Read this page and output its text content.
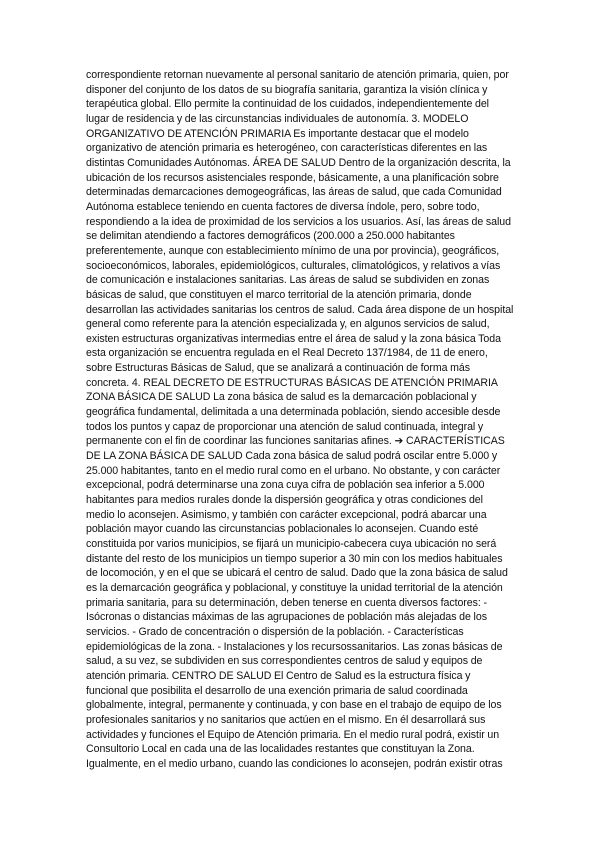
correspondiente retornan nuevamente al personal sanitario de atención primaria, quien, por
disponer del conjunto de los datos de su biografía sanitaria, garantiza la visión clínica y
terapéutica global. Ello permite la continuidad de los cuidados, independientemente del
lugar de residencia y de las circunstancias individuales de autonomía. 3. MODELO
ORGANIZATIVO DE ATENCIÓN PRIMARIA Es importante destacar que el modelo
organizativo de atención primaria es heterogéneo, con características diferentes en las
distintas Comunidades Autónomas. ÁREA DE SALUD Dentro de la organización descrita, la
ubicación de los recursos asistenciales responde, básicamente, a una planificación sobre
determinadas demarcaciones demogeográficas, las áreas de salud, que cada Comunidad
Autónoma establece teniendo en cuenta factores de diversa índole, pero, sobre todo,
respondiendo a la idea de proximidad de los servicios a los usuarios. Así, las áreas de salud
se delimitan atendiendo a factores demográficos (200.000 a 250.000 habitantes
preferentemente, aunque con establecimiento mínimo de una por provincia), geográficos,
socioeconómicos, laborales, epidemiológicos, culturales, climatológicos, y relativos a vías
de comunicación e instalaciones sanitarias. Las áreas de salud se subdividen en zonas
básicas de salud, que constituyen el marco territorial de la atención primaria, donde
desarrollan las actividades sanitarias los centros de salud. Cada área dispone de un hospital
general como referente para la atención especializada y, en algunos servicios de salud,
existen estructuras organizativas intermedias entre el área de salud y la zona básica Toda
esta organización se encuentra regulada en el Real Decreto 137/1984, de 11 de enero,
sobre Estructuras Básicas de Salud, que se analizará a continuación de forma más
concreta. 4. REAL DECRETO DE ESTRUCTURAS BÁSICAS DE ATENCIÓN PRIMARIA
ZONA BÁSICA DE SALUD La zona básica de salud es la demarcación poblacional y
geográfica fundamental, delimitada a una determinada población, siendo accesible desde
todos los puntos y capaz de proporcionar una atención de salud continuada, integral y
permanente con el fin de coordinar las funciones sanitarias afines. ➔ CARACTERÍSTICAS
DE LA ZONA BÁSICA DE SALUD Cada zona básica de salud podrá oscilar entre 5.000 y
25.000 habitantes, tanto en el medio rural como en el urbano. No obstante, y con carácter
excepcional, podrá determinarse una zona cuya cifra de población sea inferior a 5.000
habitantes para medios rurales donde la dispersión geográfica y otras condiciones del
medio lo aconsejen. Asimismo, y también con carácter excepcional, podrá abarcar una
población mayor cuando las circunstancias poblacionales lo aconsejen. Cuando esté
constituida por varios municipios, se fijará un municipio-cabecera cuya ubicación no será
distante del resto de los municipios un tiempo superior a 30 min con los medios habituales
de locomoción, y en el que se ubicará el centro de salud. Dado que la zona básica de salud
es la demarcación geográfica y poblacional, y constituye la unidad territorial de la atención
primaria sanitaria, para su determinación, deben tenerse en cuenta diversos factores: -
Isócronas o distancias máximas de las agrupaciones de población más alejadas de los
servicios. - Grado de concentración o dispersión de la población. - Características
epidemiológicas de la zona. - Instalaciones y los recursossanitarios. Las zonas básicas de
salud, a su vez, se subdividen en sus correspondientes centros de salud y equipos de
atención primaria. CENTRO DE SALUD El Centro de Salud es la estructura física y
funcional que posibilita el desarrollo de una exención primaria de salud coordinada
globalmente, integral, permanente y continuada, y con base en el trabajo de equipo de los
profesionales sanitarios y no sanitarios que actúen en el mismo. En él desarrollará sus
actividades y funciones el Equipo de Atención primaria. En el medio rural podrá, existir un
Consultorio Local en cada una de las localidades restantes que constituyan la Zona.
Igualmente, en el medio urbano, cuando las condiciones lo aconsejen, podrán existir otras
